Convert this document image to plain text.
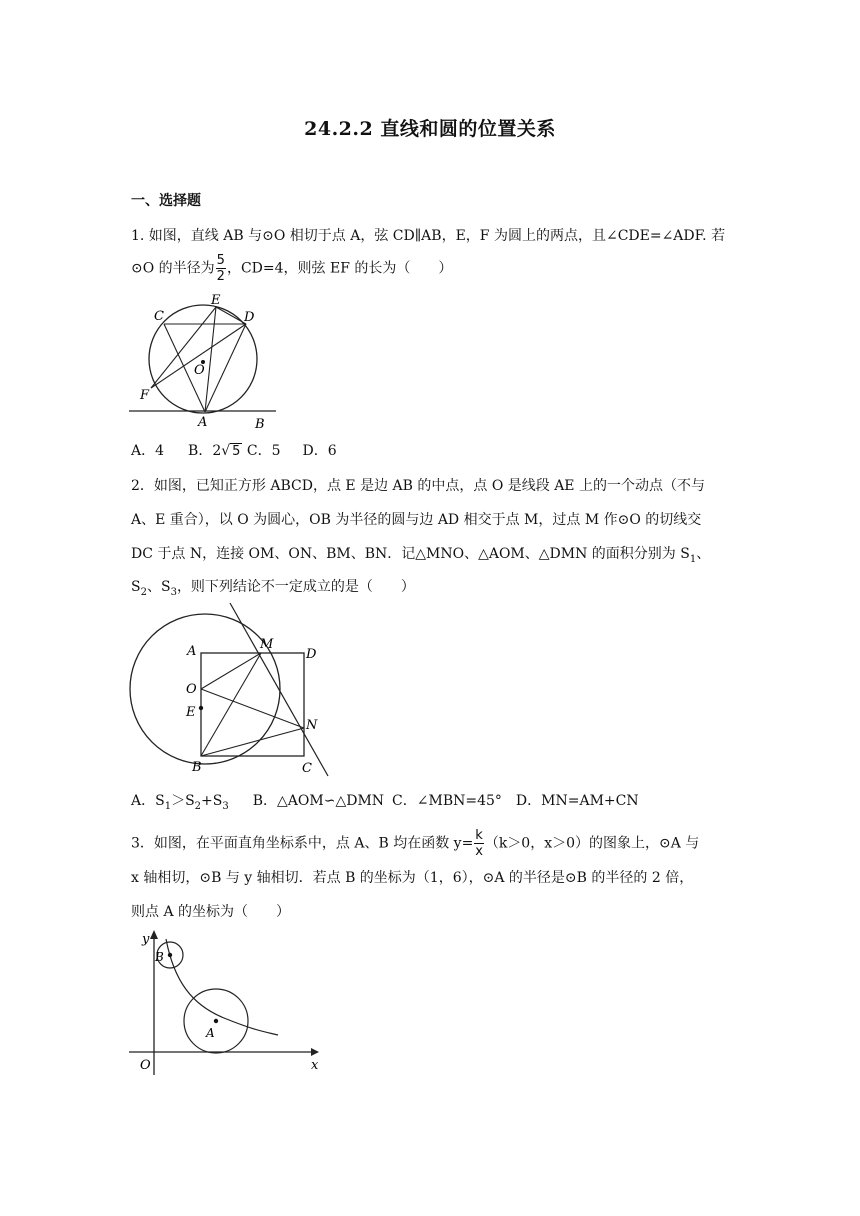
24.2.2 直线和圆的位置关系
一、选择题
1. 如图，直线 AB 与⊙O 相切于点 A，弦 CD∥AB，E，F 为圆上的两点，且∠CDE=∠ADF. 若
⊙O 的半径为 $\frac{5}{2}$ ，CD=4，则弦 EF 的长为（　　）
C
E
D
O
F
A	B
A．4 B．2√ 5 C．5 D．6
2．如图，已知正方形 ABCD，点 E 是边 AB 的中点，点 O 是线段 AE 上的一个动点（不与
A、E 重合），以 O 为圆心，OB 为半径的圆与边 AD 相交于点 M，过点 M 作⊙O 的切线交
DC 于点 N，连接 OM、ON、BM、BN．记△MNO、△AOM、△DMN 的面积分别为 $S_1$、
$S_2$、$S_3$，则下列结论不一定成立的是（　　）
A	M
D
O
E
N
B	C
A．$S_1>S_2+S_3$ B．△AOM∽△DMN C．∠MBN=45° D．MN=AM+CN
3．如图，在平面直角坐标系中，点 A、B 均在函数 $y= \frac{k}{x} (k>0$，x＞0）的图象上，⊙A 与
x 轴相切，⊙B 与 y 轴相切．若点 B 的坐标为（1，6），⊙A 的半径是⊙B 的半径的 2 倍，
则点 A 的坐标为（　　）
y
B
A
O	x
